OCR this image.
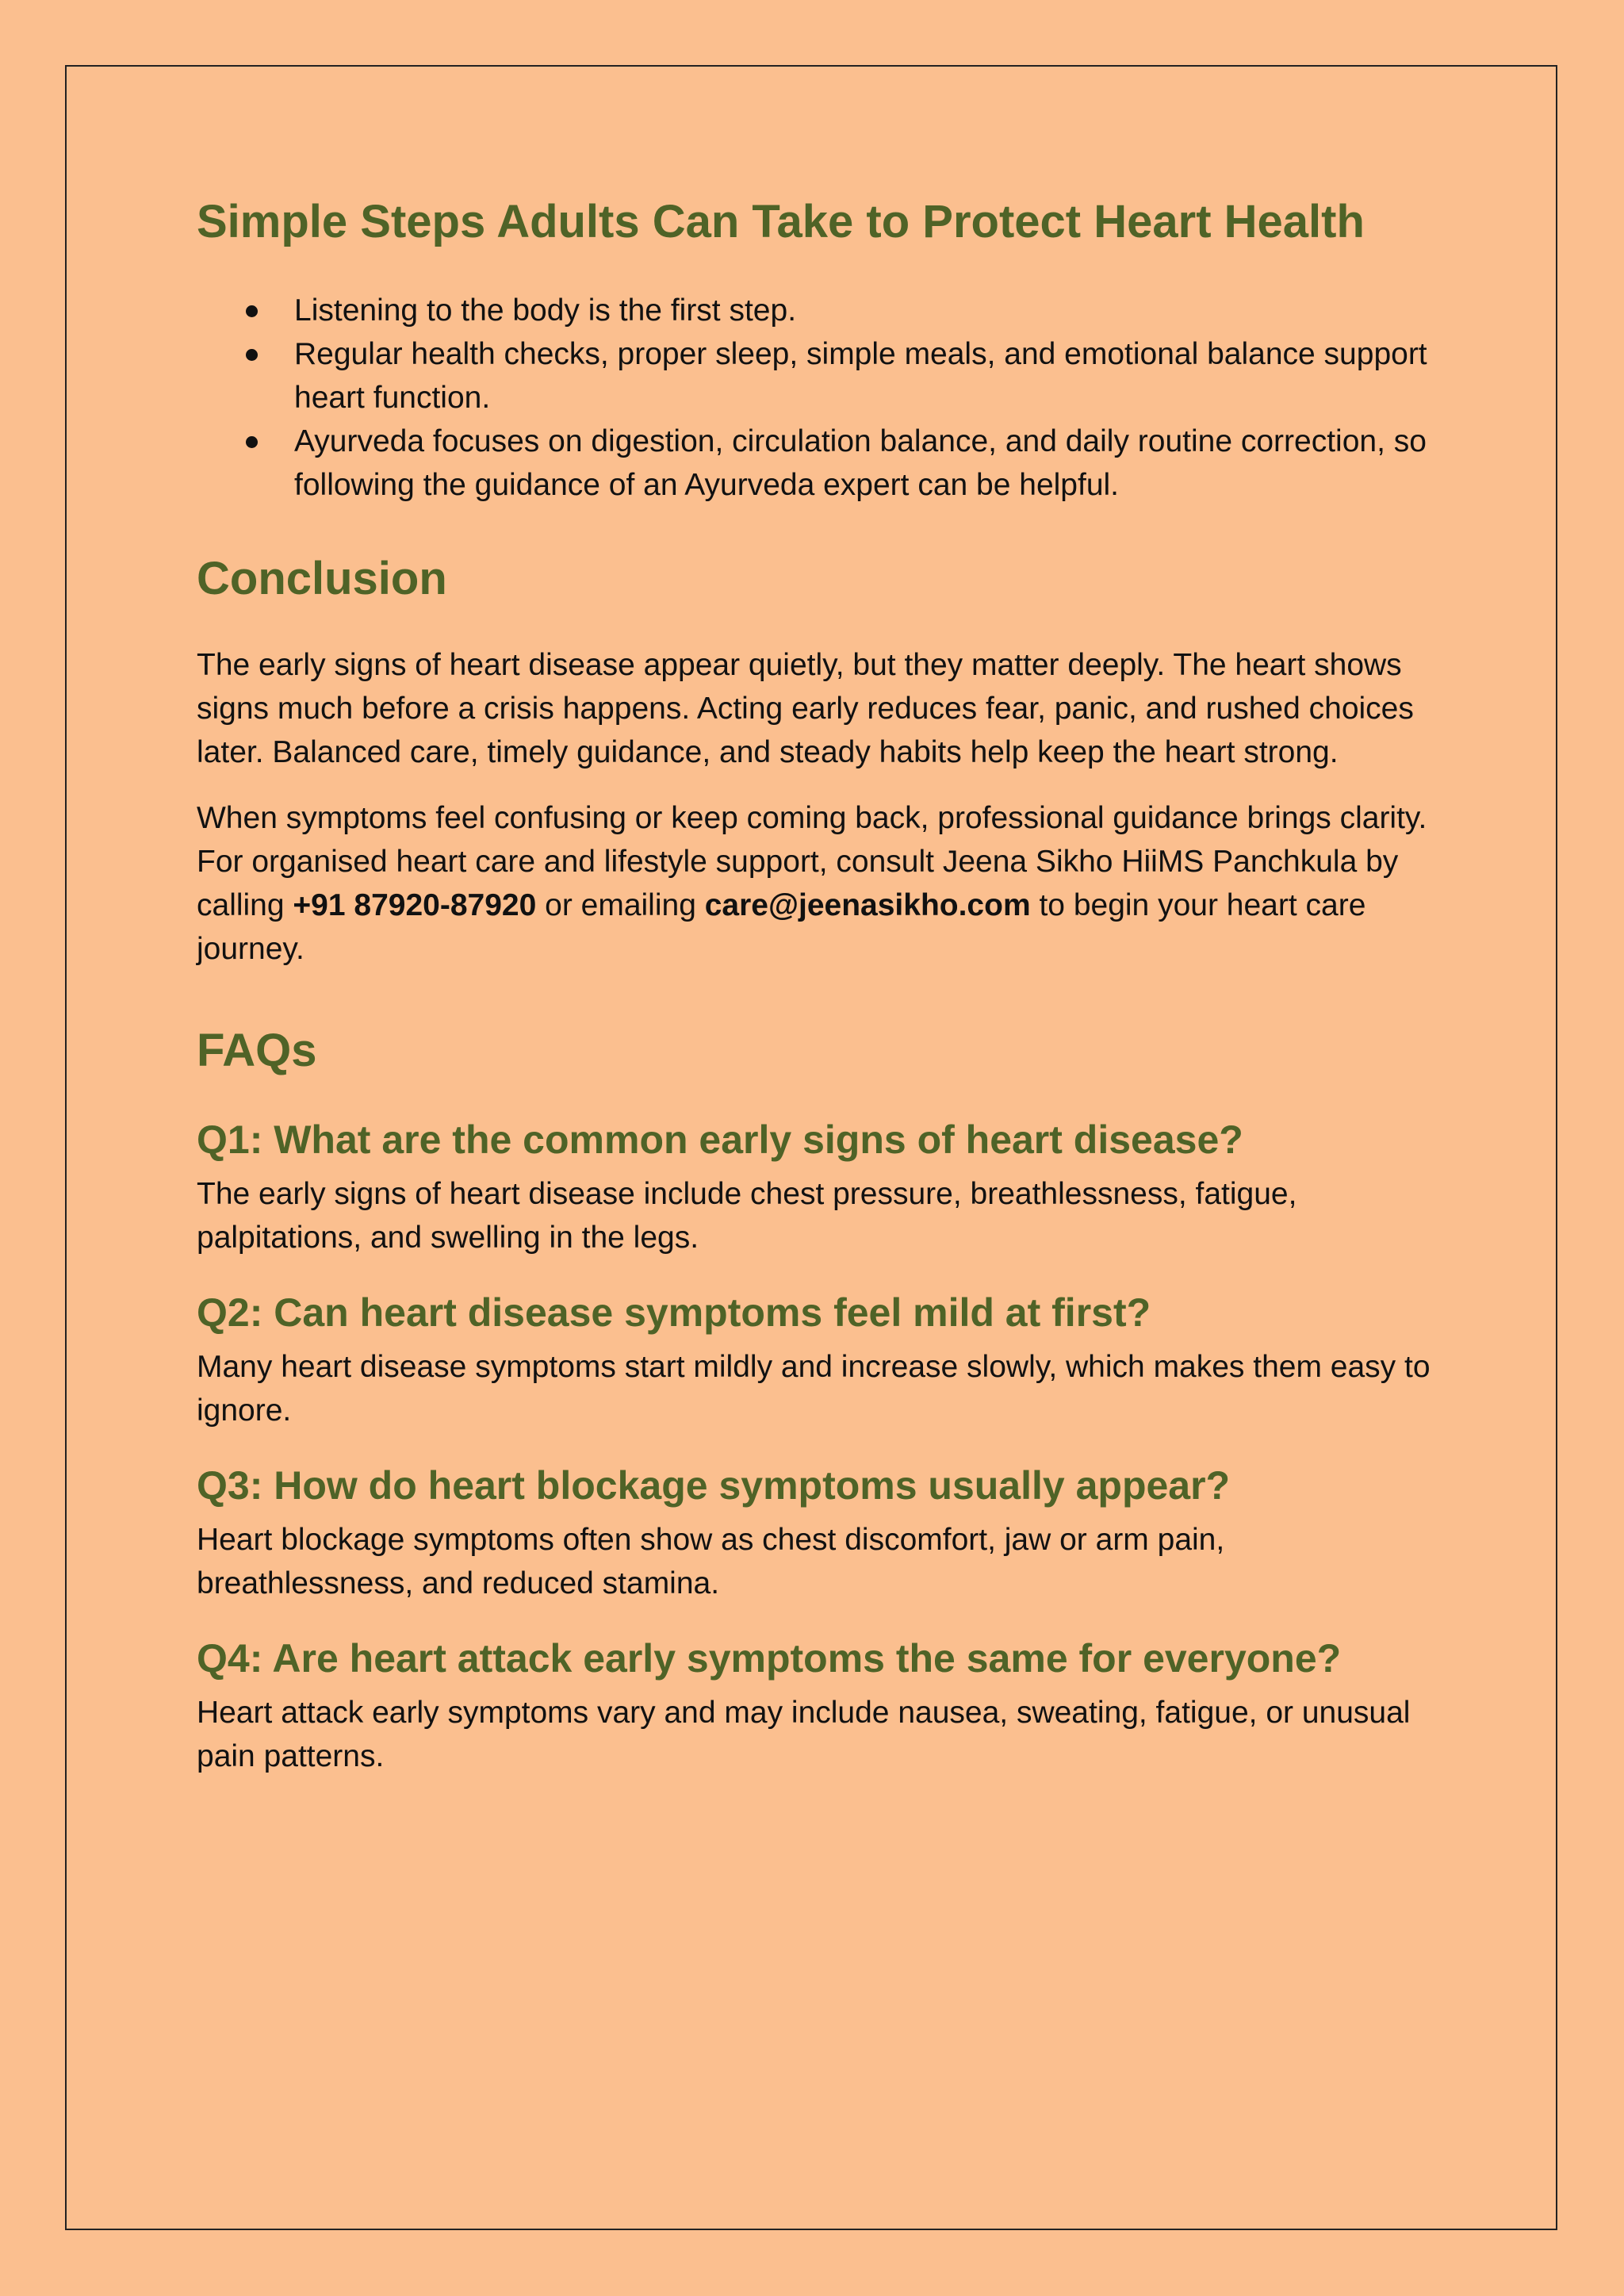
Simple Steps Adults Can Take to Protect Heart Health
Listening to the body is the first step.
Regular health checks, proper sleep, simple meals, and emotional balance support heart function.
Ayurveda focuses on digestion, circulation balance, and daily routine correction, so following the guidance of an Ayurveda expert can be helpful.
Conclusion

The early signs of heart disease appear quietly, but they matter deeply. The heart shows signs much before a crisis happens. Acting early reduces fear, panic, and rushed choices later. Balanced care, timely guidance, and steady habits help keep the heart strong.

When symptoms feel confusing or keep coming back, professional guidance brings clarity. For organised heart care and lifestyle support, consult Jeena Sikho HiiMS Panchkula by calling +91 87920-87920 or emailing care@jeenasikho.com to begin your heart care journey.

FAQs
Q1: What are the common early signs of heart disease?

The early signs of heart disease include chest pressure, breathlessness, fatigue, palpitations, and swelling in the legs.

Q2: Can heart disease symptoms feel mild at first?

Many heart disease symptoms start mildly and increase slowly, which makes them easy to ignore.

Q3: How do heart blockage symptoms usually appear?

Heart blockage symptoms often show as chest discomfort, jaw or arm pain, breathlessness, and reduced stamina.

Q4: Are heart attack early symptoms the same for everyone?

Heart attack early symptoms vary and may include nausea, sweating, fatigue, or unusual pain patterns.
